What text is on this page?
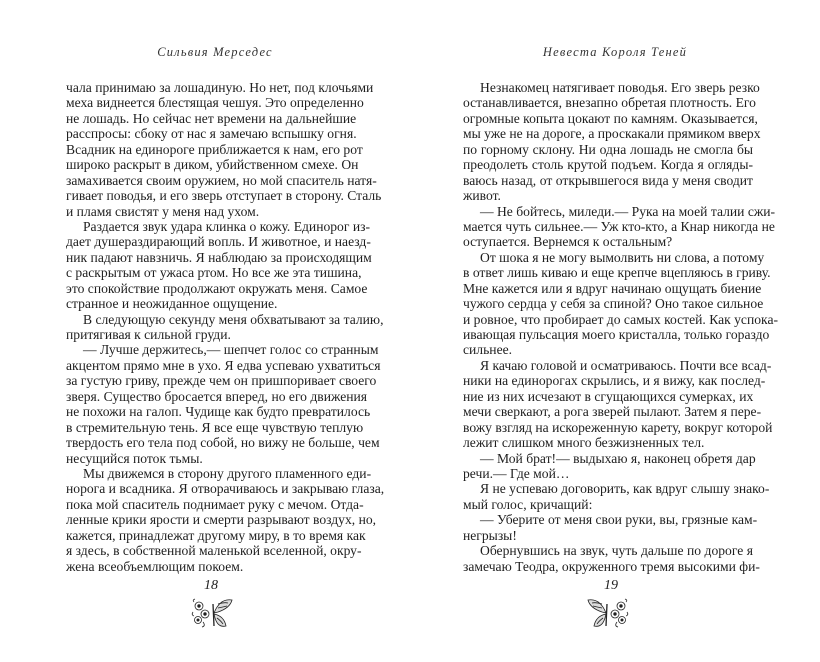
Сильвия Мерседес
чала принимаю за лошадиную. Но нет, под клочьями
меха виднеется блестящая чешуя. Это определенно
не лошадь. Но сейчас нет времени на дальнейшие
расспросы: сбоку от нас я замечаю вспышку огня.
Всадник на единороге приближается к нам, его рот
широко раскрыт в диком, убийственном смехе. Он
замахивается своим оружием, но мой спаситель натя-
гивает поводья, и его зверь отступает в сторону. Сталь
и пламя свистят у меня над ухом.
Раздается звук удара клинка о кожу. Единорог из-
дает душераздирающий вопль. И животное, и наезд-
ник падают навзничь. Я наблюдаю за происходящим
с раскрытым от ужаса ртом. Но все же эта тишина,
это спокойствие продолжают окружать меня. Самое
странное и неожиданное ощущение.
В следующую секунду меня обхватывают за талию,
притягивая к сильной груди.
— Лучше держитесь,— шепчет голос со странным
акцентом прямо мне в ухо. Я едва успеваю ухватиться
за густую гриву, прежде чем он пришпоривает своего
зверя. Существо бросается вперед, но его движения
не похожи на галоп. Чудище как будто превратилось
в стремительную тень. Я все еще чувствую теплую
твердость его тела под собой, но вижу не больше, чем
несущийся поток тьмы.
Мы движемся в сторону другого пламенного еди-
норога и всадника. Я отворачиваюсь и закрываю глаза,
пока мой спаситель поднимает руку с мечом. Отда-
ленные крики ярости и смерти разрывают воздух, но,
кажется, принадлежат другому миру, в то время как
я здесь, в собственной маленькой вселенной, окру-
жена всеобъемлющим покоем.
18
Невеста Короля Теней
Незнакомец натягивает поводья. Его зверь резко
останавливается, внезапно обретая плотность. Его
огромные копыта цокают по камням. Оказывается,
мы уже не на дороге, а проскакали прямиком вверх
по горному склону. Ни одна лошадь не смогла бы
преодолеть столь крутой подъем. Когда я огляды-
ваюсь назад, от открывшегося вида у меня сводит
живот.
— Не бойтесь, миледи.— Рука на моей талии сжи-
мается чуть сильнее.— Уж кто-кто, а Кнар никогда не
оступается. Вернемся к остальным?
От шока я не могу вымолвить ни слова, а потому
в ответ лишь киваю и еще крепче вцепляюсь в гриву.
Мне кажется или я вдруг начинаю ощущать биение
чужого сердца у себя за спиной? Оно такое сильное
и ровное, что пробирает до самых костей. Как успока-
ивающая пульсация моего кристалла, только гораздо
сильнее.
Я качаю головой и осматриваюсь. Почти все всад-
ники на единорогах скрылись, и я вижу, как послед-
ние из них исчезают в сгущающихся сумерках, их
мечи сверкают, а рога зверей пылают. Затем я пере-
вожу взгляд на искореженную карету, вокруг которой
лежит слишком много безжизненных тел.
— Мой брат!— выдыхаю я, наконец обретя дар
речи.— Где мой…
Я не успеваю договорить, как вдруг слышу знако-
мый голос, кричащий:
— Уберите от меня свои руки, вы, грязные кам-
негрызы!
Обернувшись на звук, чуть дальше по дороге я
замечаю Теодра, окруженного тремя высокими фи-
19
